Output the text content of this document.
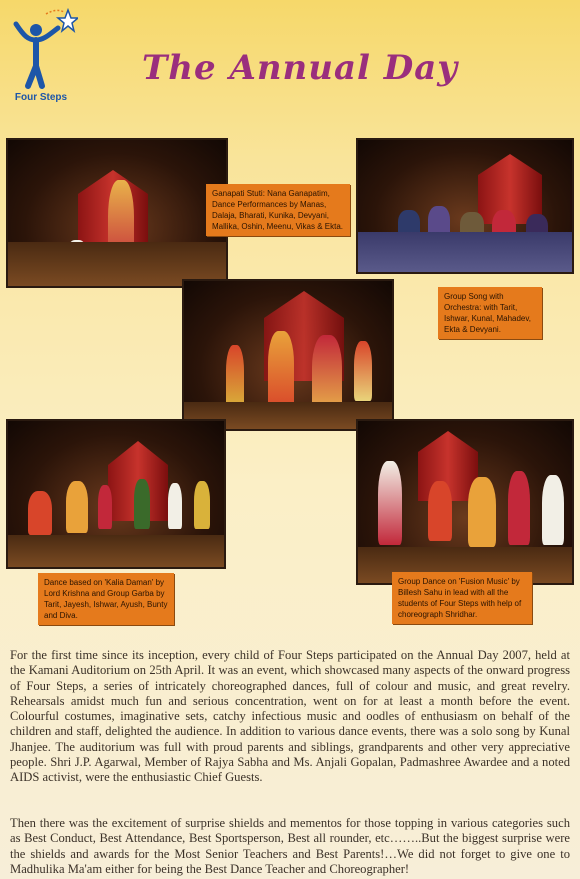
Four Steps
The Annual Day
Ganapati Stuti: Nana Ganapatim, Dance Performances by Manas, Dalaja, Bharati, Kunika, Devyani, Mallika, Oshin, Meenu, Vikas & Ekta.
Group Song with Orchestra: with Tarit, Ishwar, Kunal, Mahadev, Ekta & Devyani.
Dance based on 'Kalia Daman' by Lord Krishna and Group Garba by Tarit, Jayesh, Ishwar, Ayush, Bunty and Diva.
Group Dance on 'Fusion Music' by Billesh Sahu in lead with all the students of Four Steps with help of choreograph Shridhar.

For the first time since its inception, every child of Four Steps participated on the Annual Day 2007, held at the Kamani Auditorium on 25th April. It was an event, which showcased many aspects of the onward progress of Four Steps, a series of intricately choreographed dances, full of colour and music, and great revelry. Rehearsals amidst much fun and serious concentration, went on for at least a month before the event. Colourful costumes, imaginative sets, catchy infectious music and oodles of enthusiasm on behalf of the children and staff, delighted the audience. In addition to various dance events, there was a solo song by Kunal Jhanjee. The auditorium was full with proud parents and siblings, grandparents and other very appreciative people. Shri J.P. Agarwal, Member of Rajya Sabha and Ms. Anjali Gopalan, Padmashree Awardee and a noted AIDS activist, were the enthusiastic Chief Guests.

Then there was the excitement of surprise shields and mementos for those topping in various categories such as Best Conduct, Best Attendance, Best Sportsperson, Best all rounder, etc……..But the biggest surprise were the shields and awards for the Most Senior Teachers and Best Parents!…We did not forget to give one to Madhulika Ma'am either for being the Best Dance Teacher and Choreographer!
